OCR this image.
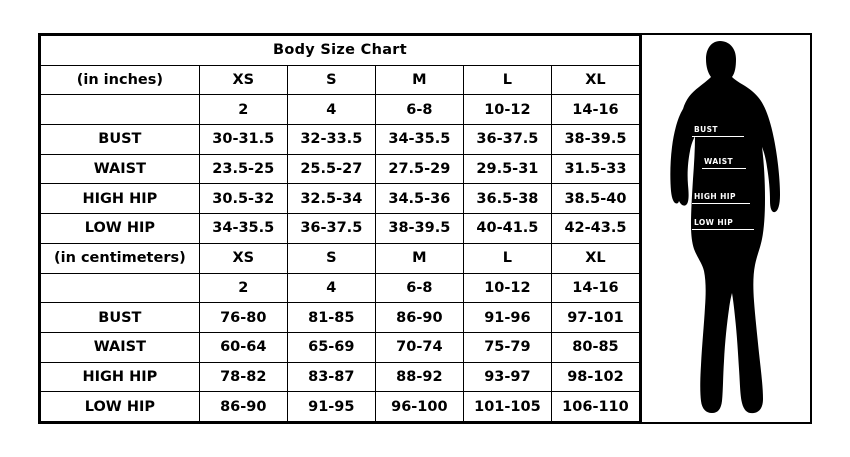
Body Size Chart					
(in inches)	XS	S	M	L	XL
	2	4	6-8	10-12	14-16
BUST	30-31.5	32-33.5	34-35.5	36-37.5	38-39.5
WAIST	23.5-25	25.5-27	27.5-29	29.5-31	31.5-33
HIGH HIP	30.5-32	32.5-34	34.5-36	36.5-38	38.5-40
LOW HIP	34-35.5	36-37.5	38-39.5	40-41.5	42-43.5
(in centimeters)	XS	S	M	L	XL
	2	4	6-8	10-12	14-16
BUST	76-80	81-85	86-90	91-96	97-101
WAIST	60-64	65-69	70-74	75-79	80-85
HIGH HIP	78-82	83-87	88-92	93-97	98-102
LOW HIP	86-90	91-95	96-100	101-105	106-110
BUST
WAIST
HIGH HIP
LOW HIP
